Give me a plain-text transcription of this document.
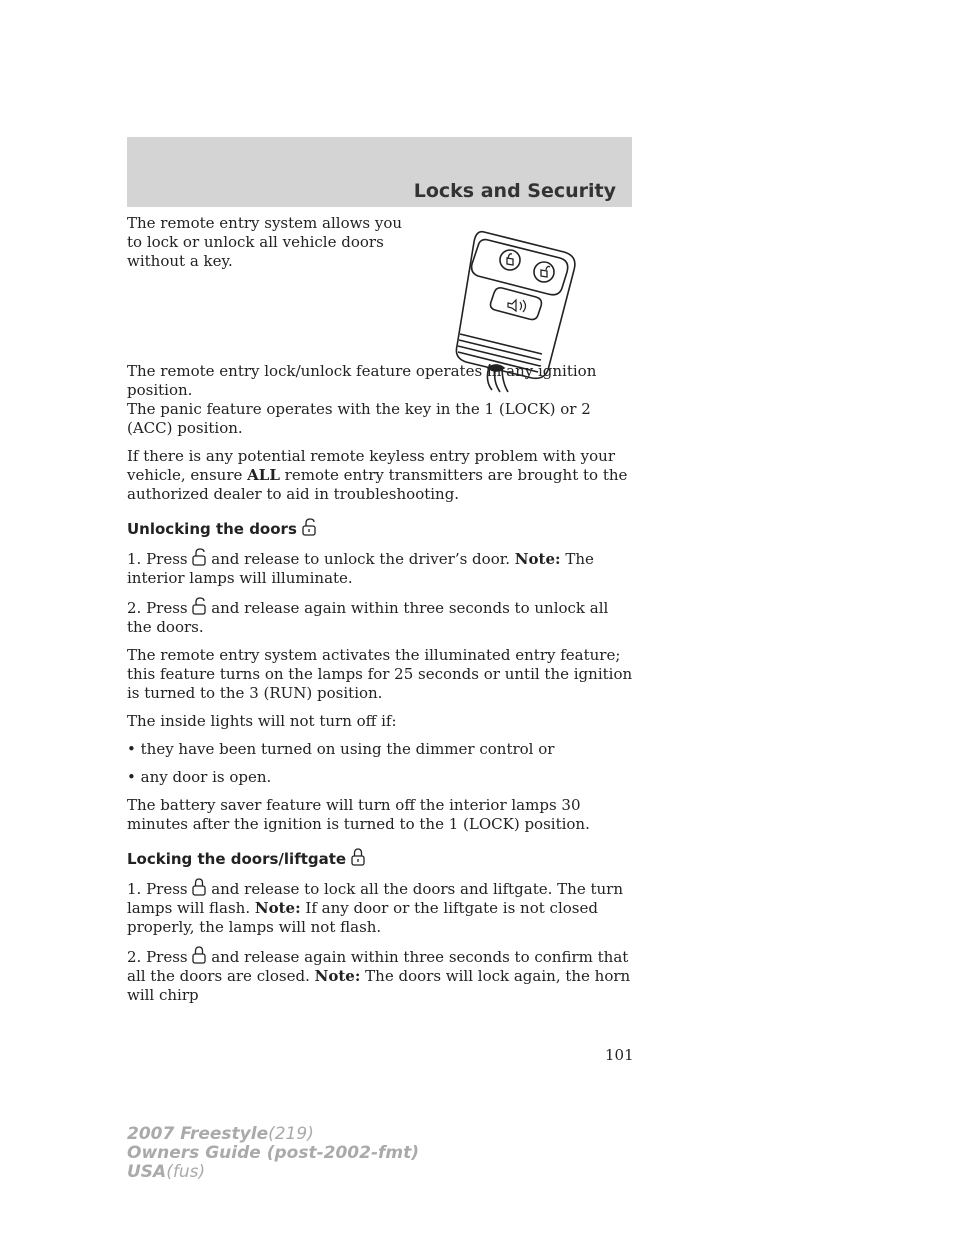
Locks and Security

The remote entry system allows you to lock or unlock all vehicle doors without a key.

The remote entry lock/unlock feature operates in any ignition position.

The panic feature operates with the key in the 1 (LOCK) or 2 (ACC) position.

If there is any potential remote keyless entry problem with your vehicle, ensure ALL remote entry transmitters are brought to the authorized dealer to aid in troubleshooting.

Unlocking the doors

1. Press and release to unlock the driver’s door. Note: The interior lamps will illuminate.

2. Press and release again within three seconds to unlock all the doors.

The remote entry system activates the illuminated entry feature; this feature turns on the lamps for 25 seconds or until the ignition is turned to the 3 (RUN) position.

The inside lights will not turn off if:

• they have been turned on using the dimmer control or

• any door is open.

The battery saver feature will turn off the interior lamps 30 minutes after the ignition is turned to the 1 (LOCK) position.

Locking the doors/liftgate

1. Press and release to lock all the doors and liftgate. The turn lamps will flash. Note: If any door or the liftgate is not closed properly, the lamps will not flash.

2. Press and release again within three seconds to confirm that all the doors are closed. Note: The doors will lock again, the horn will chirp

101
2007 Freestyle(219)
Owners Guide (post-2002-fmt)
USA(fus)
